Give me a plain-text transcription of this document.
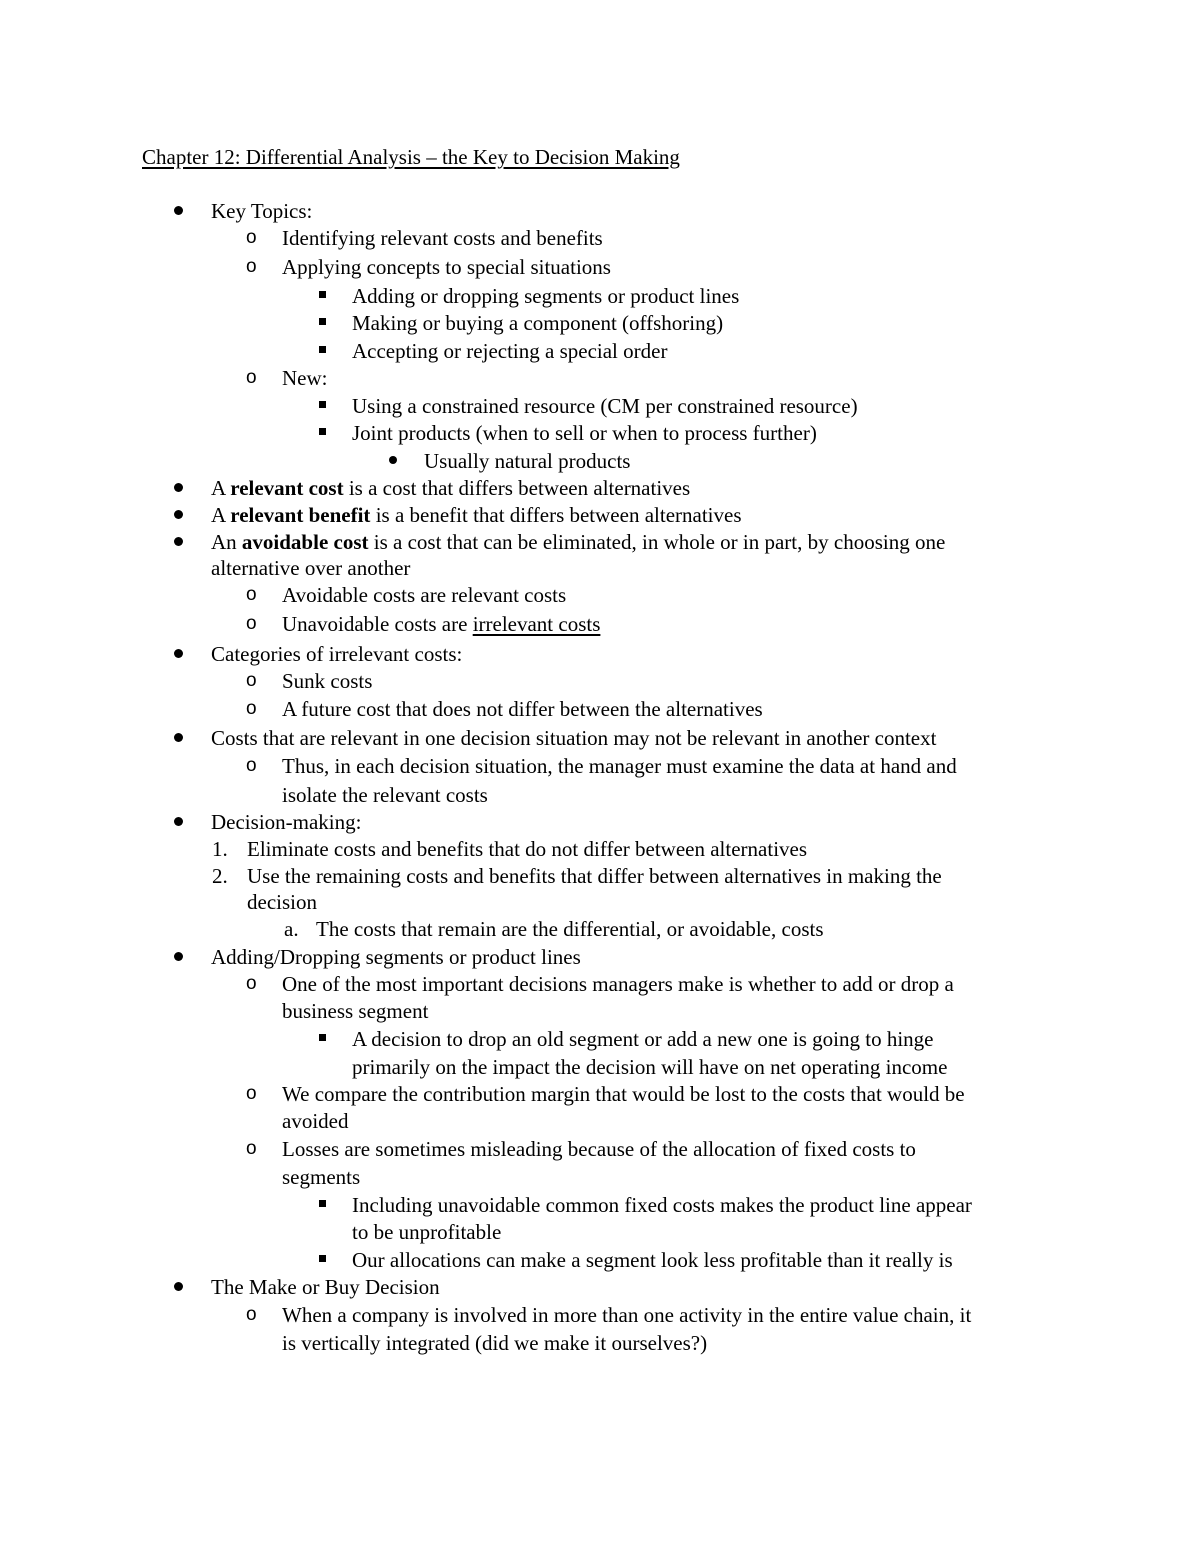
Chapter 12: Differential Analysis – the Key to Decision Making
Key Topics:
o Identifying relevant costs and benefits
o Applying concepts to special situations
Adding or dropping segments or product lines
Making or buying a component (offshoring)
Accepting or rejecting a special order
o New:
Using a constrained resource (CM per constrained resource)
Joint products (when to sell or when to process further)
Usually natural products
A relevant cost is a cost that differs between alternatives
A relevant benefit is a benefit that differs between alternatives
An avoidable cost is a cost that can be eliminated, in whole or in part, by choosing one
alternative over another
o Avoidable costs are relevant costs
o Unavoidable costs are irrelevant costs
Categories of irrelevant costs:
o Sunk costs
o A future cost that does not differ between the alternatives
Costs that are relevant in one decision situation may not be relevant in another context
o Thus, in each decision situation, the manager must examine the data at hand and
isolate the relevant costs
Decision-making:
1. Eliminate costs and benefits that do not differ between alternatives
2. Use the remaining costs and benefits that differ between alternatives in making the
decision
a. The costs that remain are the differential, or avoidable, costs
Adding/Dropping segments or product lines
o One of the most important decisions managers make is whether to add or drop a
business segment
A decision to drop an old segment or add a new one is going to hinge
primarily on the impact the decision will have on net operating income
o We compare the contribution margin that would be lost to the costs that would be
avoided
o Losses are sometimes misleading because of the allocation of fixed costs to
segments
Including unavoidable common fixed costs makes the product line appear
to be unprofitable
Our allocations can make a segment look less profitable than it really is
The Make or Buy Decision
o When a company is involved in more than one activity in the entire value chain, it
is vertically integrated (did we make it ourselves?)
